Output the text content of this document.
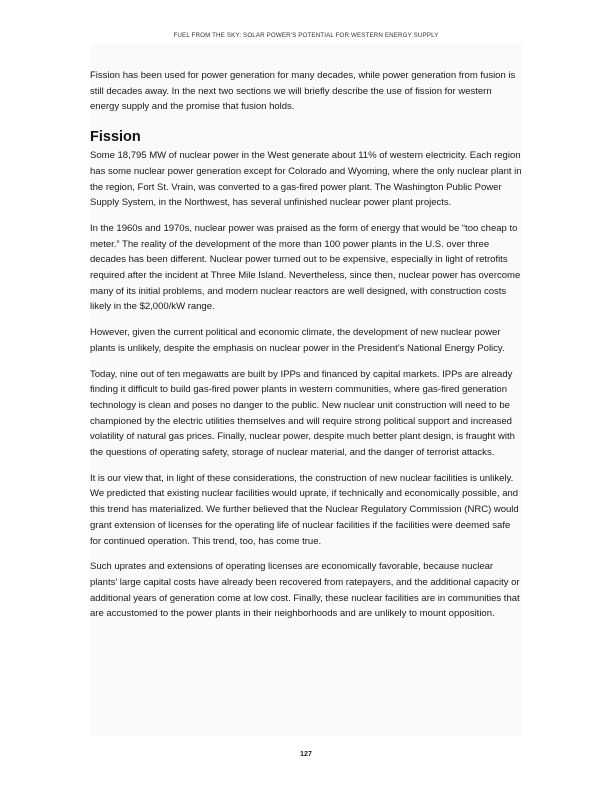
FUEL FROM THE SKY: SOLAR POWER'S POTENTIAL FOR WESTERN ENERGY SUPPLY

Fission has been used for power generation for many decades, while power generation from fusion is still decades away. In the next two sections we will briefly describe the use of fission for western energy supply and the promise that fusion holds.

Fission

Some 18,795 MW of nuclear power in the West generate about 11% of western electricity. Each region has some nuclear power generation except for Colorado and Wyoming, where the only nuclear plant in the region, Fort St. Vrain, was converted to a gas-fired power plant. The Washington Public Power Supply System, in the Northwest, has several unfinished nuclear power plant projects.

In the 1960s and 1970s, nuclear power was praised as the form of energy that would be “too cheap to meter.” The reality of the development of the more than 100 power plants in the U.S. over three decades has been different. Nuclear power turned out to be expensive, especially in light of retrofits required after the incident at Three Mile Island. Nevertheless, since then, nuclear power has overcome many of its initial problems, and modern nuclear reactors are well designed, with construction costs likely in the $2,000/kW range.

However, given the current political and economic climate, the development of new nuclear power plants is unlikely, despite the emphasis on nuclear power in the President’s National Energy Policy.

Today, nine out of ten megawatts are built by IPPs and financed by capital markets. IPPs are already finding it difficult to build gas-fired power plants in western communities, where gas-fired generation technology is clean and poses no danger to the public. New nuclear unit construction will need to be championed by the electric utilities themselves and will require strong political support and increased volatility of natural gas prices. Finally, nuclear power, despite much better plant design, is fraught with the questions of operating safety, storage of nuclear material, and the danger of terrorist attacks.

It is our view that, in light of these considerations, the construction of new nuclear facilities is unlikely. We predicted that existing nuclear facilities would uprate, if technically and economically possible, and this trend has materialized. We further believed that the Nuclear Regulatory Commission (NRC) would grant extension of licenses for the operating life of nuclear facilities if the facilities were deemed safe for continued operation. This trend, too, has come true.

Such uprates and extensions of operating licenses are economically favorable, because nuclear plants’ large capital costs have already been recovered from ratepayers, and the additional capacity or additional years of generation come at low cost. Finally, these nuclear facilities are in communities that are accustomed to the power plants in their neighborhoods and are unlikely to mount opposition.

127
